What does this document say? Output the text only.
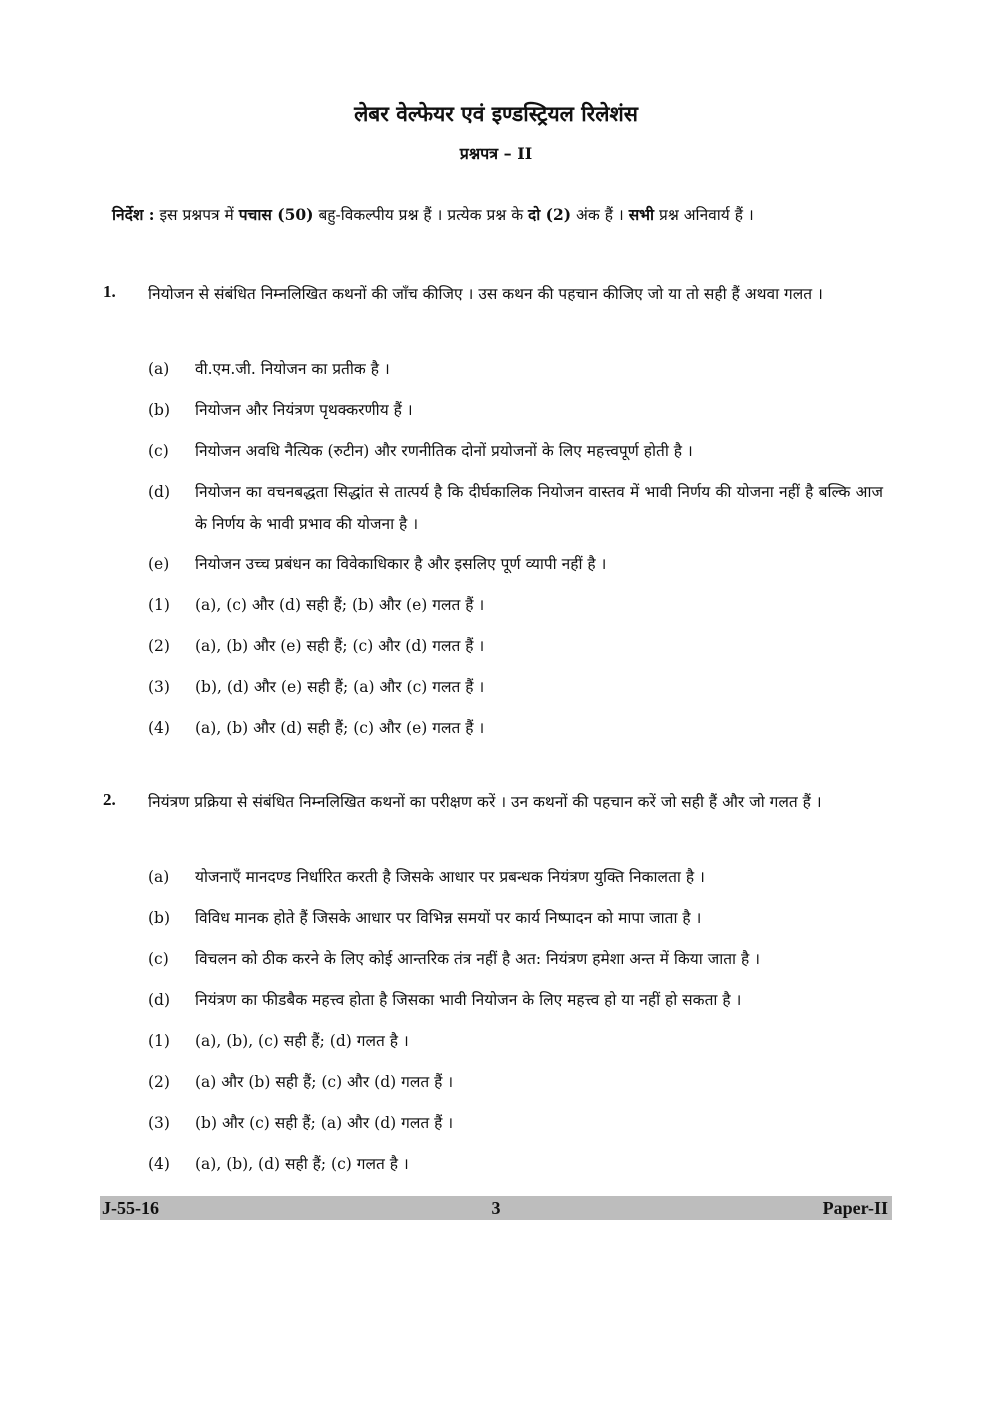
लेबर वेल्फेयर एवं इण्डस्ट्रियल रिलेशंस
प्रश्नपत्र – II
निर्देश : इस प्रश्नपत्र में पचास (50) बहु-विकल्पीय प्रश्न हैं । प्रत्येक प्रश्न के दो (2) अंक हैं । सभी प्रश्न अनिवार्य हैं ।
1. नियोजन से संबंधित निम्नलिखित कथनों की जाँच कीजिए । उस कथन की पहचान कीजिए जो या तो सही हैं अथवा गलत ।
(a) वी.एम.जी. नियोजन का प्रतीक है ।
(b) नियोजन और नियंत्रण पृथक्करणीय हैं ।
(c) नियोजन अवधि नैत्यिक (रुटीन) और रणनीतिक दोनों प्रयोजनों के लिए महत्त्वपूर्ण होती है ।
(d) नियोजन का वचनबद्धता सिद्धांत से तात्पर्य है कि दीर्घकालिक नियोजन वास्तव में भावी निर्णय की योजना नहीं है बल्कि आज के निर्णय के भावी प्रभाव की योजना है ।
(e) नियोजन उच्च प्रबंधन का विवेकाधिकार है और इसलिए पूर्ण व्यापी नहीं है ।
(1) (a), (c) और (d) सही हैं; (b) और (e) गलत हैं ।
(2) (a), (b) और (e) सही हैं; (c) और (d) गलत हैं ।
(3) (b), (d) और (e) सही हैं; (a) और (c) गलत हैं ।
(4) (a), (b) और (d) सही हैं; (c) और (e) गलत हैं ।
2. नियंत्रण प्रक्रिया से संबंधित निम्नलिखित कथनों का परीक्षण करें । उन कथनों की पहचान करें जो सही हैं और जो गलत हैं ।
(a) योजनाएँ मानदण्ड निर्धारित करती है जिसके आधार पर प्रबन्धक नियंत्रण युक्ति निकालता है ।
(b) विविध मानक होते हैं जिसके आधार पर विभिन्न समयों पर कार्य निष्पादन को मापा जाता है ।
(c) विचलन को ठीक करने के लिए कोई आन्तरिक तंत्र नहीं है अत: नियंत्रण हमेशा अन्त में किया जाता है ।
(d) नियंत्रण का फीडबैक महत्त्व होता है जिसका भावी नियोजन के लिए महत्त्व हो या नहीं हो सकता है ।
(1) (a), (b), (c) सही हैं; (d) गलत है ।
(2) (a) और (b) सही हैं; (c) और (d) गलत हैं ।
(3) (b) और (c) सही हैं; (a) और (d) गलत हैं ।
(4) (a), (b), (d) सही हैं; (c) गलत है ।
J-55-16	3	Paper-II
